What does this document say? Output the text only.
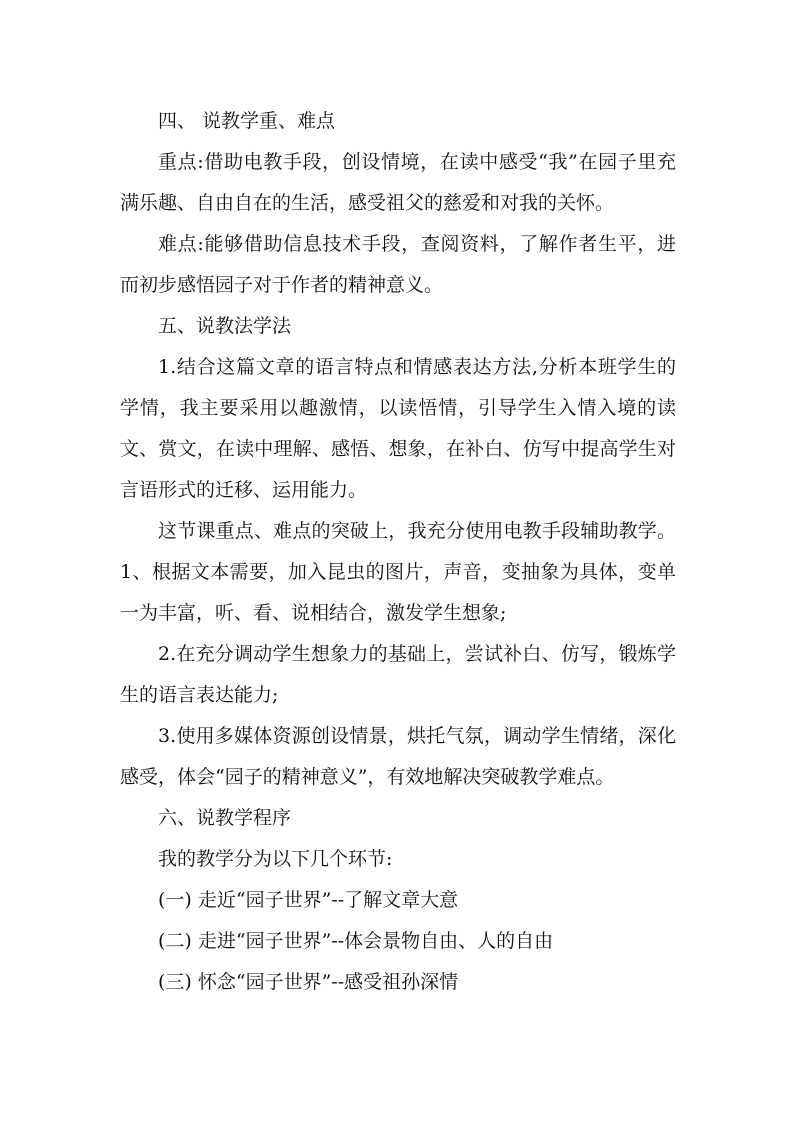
四、 说教学重、难点

重点:借助电教手段，创设情境，在读中感受“我”在园子里充满乐趣、自由自在的生活，感受祖父的慈爱和对我的关怀。

难点:能够借助信息技术手段，查阅资料，了解作者生平，进而初步感悟园子对于作者的精神意义。

五、说教法学法

1.结合这篇文章的语言特点和情感表达方法,分析本班学生的学情，我主要采用以趣激情，以读悟情，引导学生入情入境的读文、赏文，在读中理解、感悟、想象，在补白、仿写中提高学生对言语形式的迁移、运用能力。

这节课重点、难点的突破上，我充分使用电教手段辅助教学。1、根据文本需要，加入昆虫的图片，声音，变抽象为具体，变单一为丰富，听、看、说相结合，激发学生想象;

2.在充分调动学生想象力的基础上，尝试补白、仿写，锻炼学生的语言表达能力;

3.使用多媒体资源创设情景，烘托气氛，调动学生情绪，深化感受，体会“园子的精神意义”，有效地解决突破教学难点。

六、说教学程序

我的教学分为以下几个环节:

(一) 走近“园子世界”--了解文章大意

(二) 走进“园子世界”--体会景物自由、人的自由

(三) 怀念“园子世界”--感受祖孙深情
